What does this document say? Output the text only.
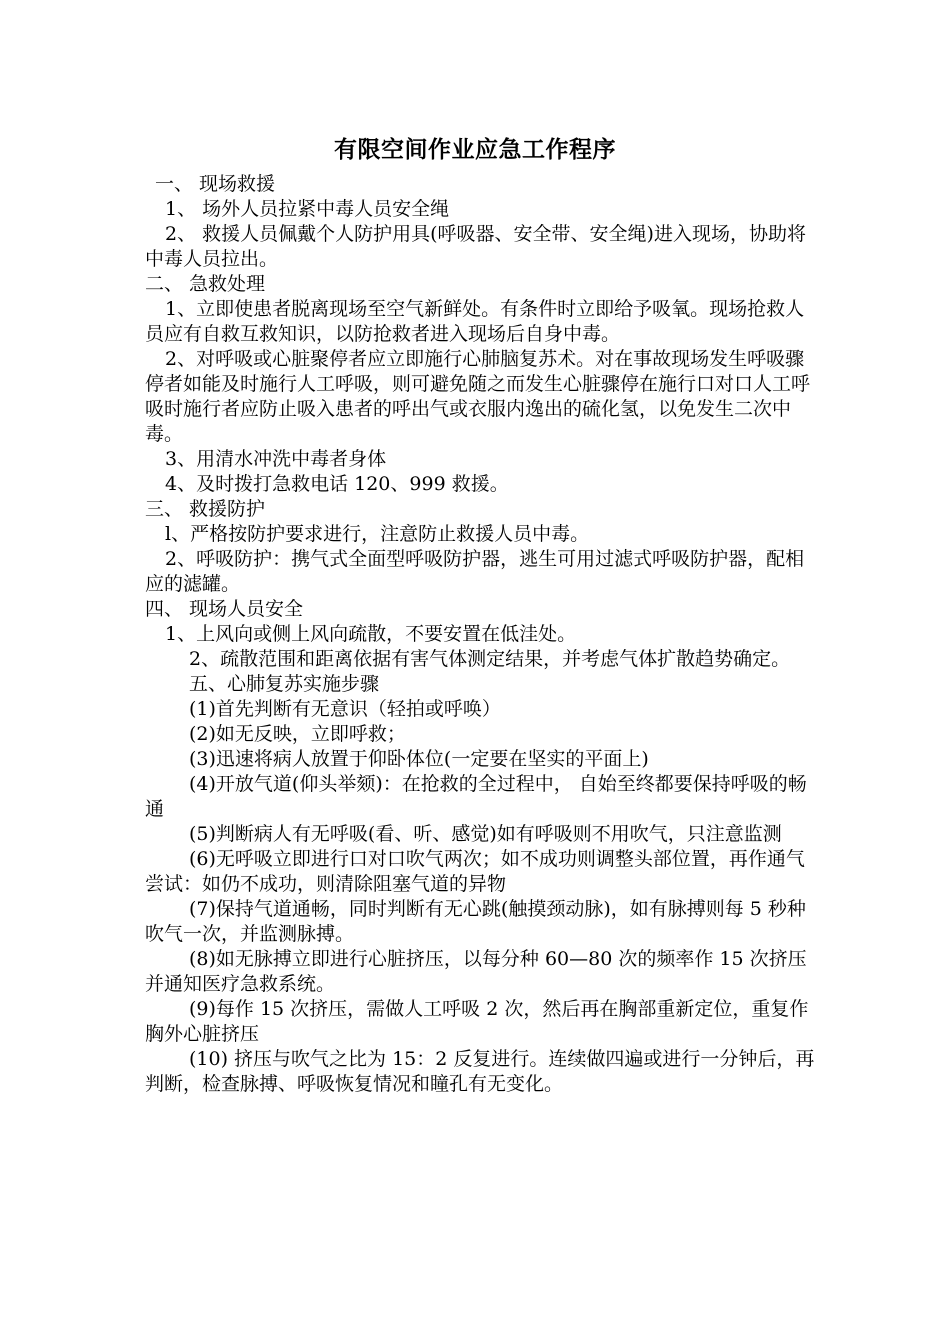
有限空间作业应急工作程序

一、 现场救援

1、 场外人员拉紧中毒人员安全绳

2、 救援人员佩戴个人防护用具(呼吸器、安全带、安全绳)进入现场，协助将中毒人员拉出。

二、 急救处理

1、立即使患者脱离现场至空气新鲜处。有条件时立即给予吸氧。现场抢救人员应有自救互救知识，以防抢救者进入现场后自身中毒。

2、对呼吸或心脏聚停者应立即施行心肺脑复苏术。对在事故现场发生呼吸骤停者如能及时施行人工呼吸，则可避免随之而发生心脏骤停在施行口对口人工呼吸时施行者应防止吸入患者的呼出气或衣服内逸出的硫化氢，以免发生二次中毒。

3、用清水冲洗中毒者身体

4、及时拨打急救电话 120、999 救援。

三、 救援防护

l、严格按防护要求进行，注意防止救援人员中毒。

2、呼吸防护：携气式全面型呼吸防护器，逃生可用过滤式呼吸防护器，配相应的滤罐。

四、 现场人员安全

1、上风向或侧上风向疏散，不要安置在低洼处。

2、疏散范围和距离依据有害气体测定结果，并考虑气体扩散趋势确定。

五、心肺复苏实施步骤

(1)首先判断有无意识（轻拍或呼唤）

(2)如无反映，立即呼救；

(3)迅速将病人放置于仰卧体位(一定要在坚实的平面上)

(4)开放气道(仰头举颏)：在抢救的全过程中， 自始至终都要保持呼吸的畅通

(5)判断病人有无呼吸(看、听、感觉)如有呼吸则不用吹气，只注意监测

(6)无呼吸立即进行口对口吹气两次；如不成功则调整头部位置，再作通气尝试：如仍不成功，则清除阻塞气道的异物

(7)保持气道通畅，同时判断有无心跳(触摸颈动脉)，如有脉搏则每 5 秒种吹气一次，并监测脉搏。

(8)如无脉搏立即进行心脏挤压，以每分种 60—80 次的频率作 15 次挤压并通知医疗急救系统。

(9)每作 15 次挤压，需做人工呼吸 2 次，然后再在胸部重新定位，重复作胸外心脏挤压

(10) 挤压与吹气之比为 15：2 反复进行。连续做四遍或进行一分钟后，再判断，检查脉搏、呼吸恢复情况和瞳孔有无变化。
